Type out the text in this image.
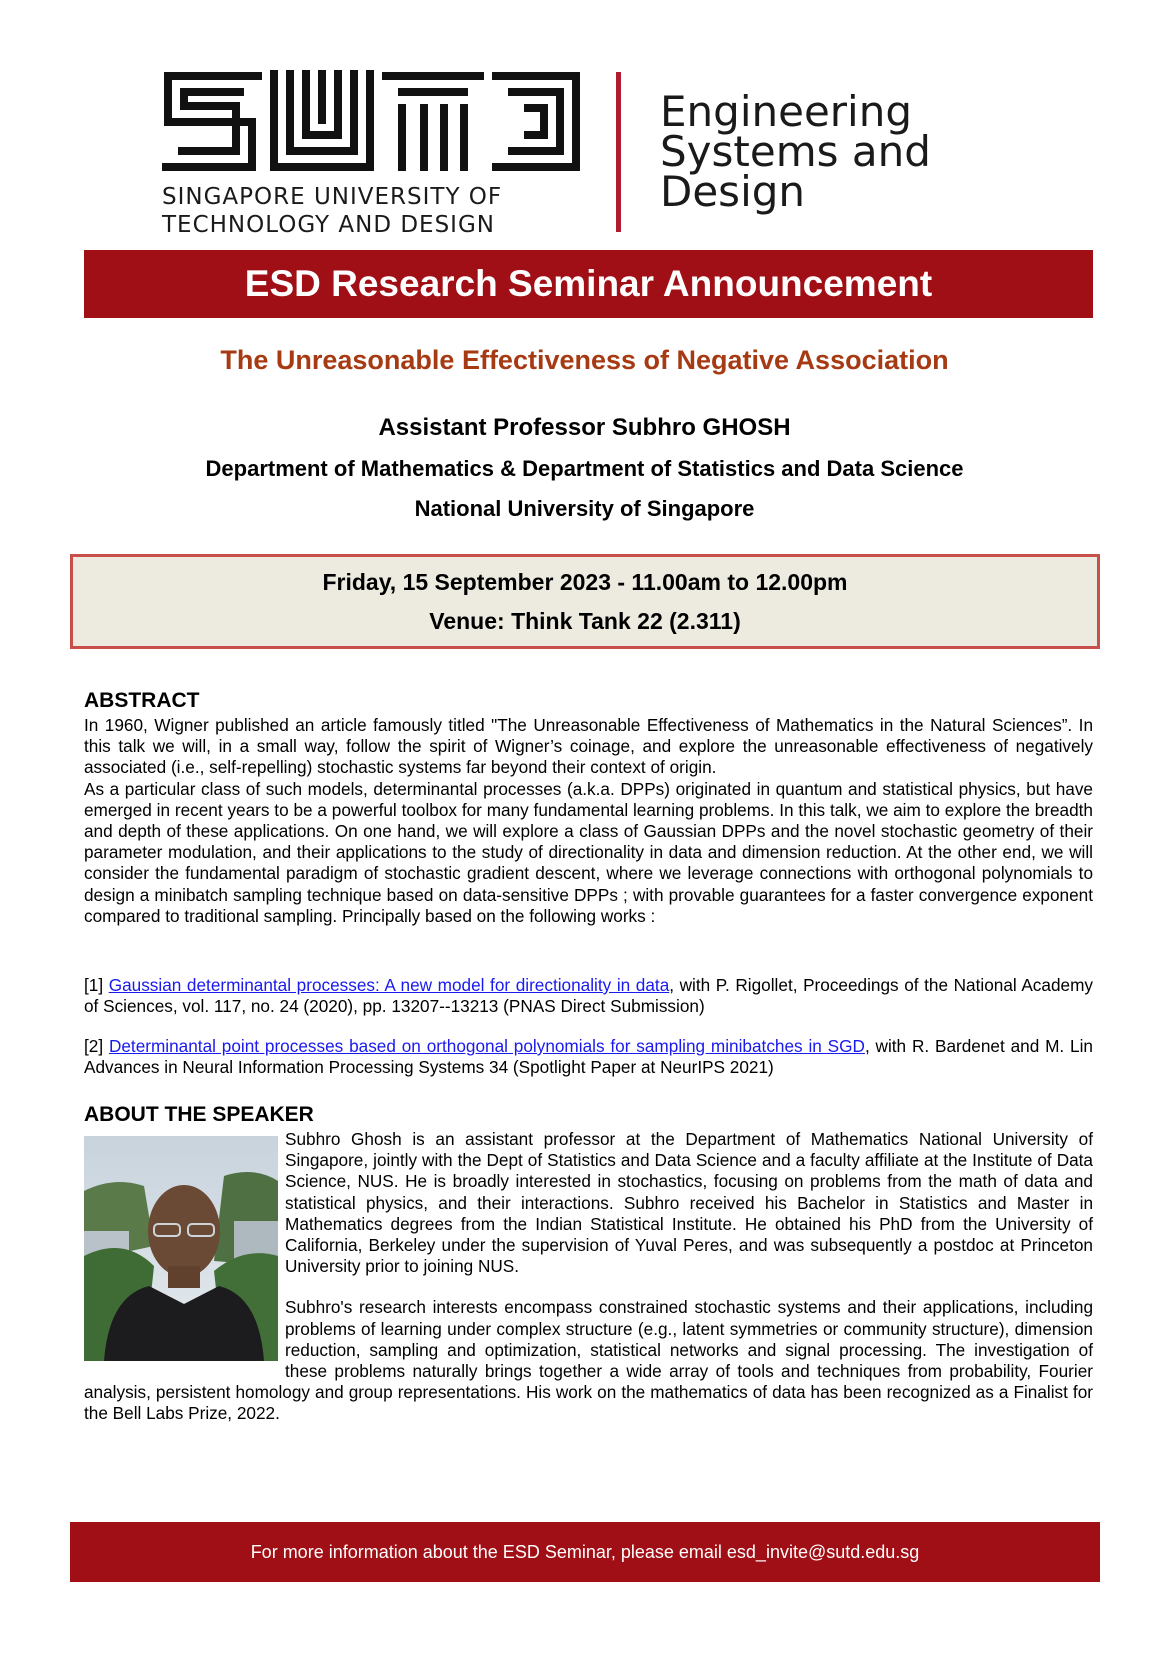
SINGAPORE UNIVERSITY OF
TECHNOLOGY AND DESIGN
Engineering
Systems and
Design
ESD Research Seminar Announcement
The Unreasonable Effectiveness of Negative Association
Assistant Professor Subhro GHOSH
Department of Mathematics & Department of Statistics and Data Science
National University of Singapore
Friday, 15 September 2023 - 11.00am to 12.00pm
Venue: Think Tank 22 (2.311)
ABSTRACT

In 1960, Wigner published an article famously titled "The Unreasonable Effectiveness of Mathematics in the Natural Sciences”. In this talk we will, in a small way, follow the spirit of Wigner’s coinage, and explore the unreasonable effectiveness of negatively associated (i.e., self-repelling) stochastic systems far beyond their context of origin.

As a particular class of such models, determinantal processes (a.k.a. DPPs) originated in quantum and statistical physics, but have emerged in recent years to be a powerful toolbox for many fundamental learning problems. In this talk, we aim to explore the breadth and depth of these applications. On one hand, we will explore a class of Gaussian DPPs and the novel stochastic geometry of their parameter modulation, and their applications to the study of directionality in data and dimension reduction. At the other end, we will consider the fundamental paradigm of stochastic gradient descent, where we leverage connections with orthogonal polynomials to design a minibatch sampling technique based on data-sensitive DPPs ; with provable guarantees for a faster convergence exponent compared to traditional sampling. Principally based on the following works :

[1] Gaussian determinantal processes: A new model for directionality in data, with P. Rigollet, Proceedings of the National Academy of Sciences, vol. 117, no. 24 (2020), pp. 13207--13213 (PNAS Direct Submission)
[2] Determinantal point processes based on orthogonal polynomials for sampling minibatches in SGD, with R. Bardenet and M. Lin Advances in Neural Information Processing Systems 34 (Spotlight Paper at NeurIPS 2021)
ABOUT THE SPEAKER

Subhro Ghosh is an assistant professor at the Department of Mathematics National University of Singapore, jointly with the Dept of Statistics and Data Science and a faculty affiliate at the Institute of Data Science, NUS. He is broadly interested in stochastics, focusing on problems from the math of data and statistical physics, and their interactions. Subhro received his Bachelor in Statistics and Master in Mathematics degrees from the Indian Statistical Institute. He obtained his PhD from the University of California, Berkeley under the supervision of Yuval Peres, and was subsequently a postdoc at Princeton University prior to joining NUS.

Subhro's research interests encompass constrained stochastic systems and their applications, including problems of learning under complex structure (e.g., latent symmetries or community structure), dimension reduction, sampling and optimization, statistical networks and signal processing. The investigation of these problems naturally brings together a wide array of tools and techniques from probability, Fourier analysis, persistent homology and group representations. His work on the mathematics of data has been recognized as a Finalist for the Bell Labs Prize, 2022.

For more information about the ESD Seminar, please email esd_invite@sutd.edu.sg
